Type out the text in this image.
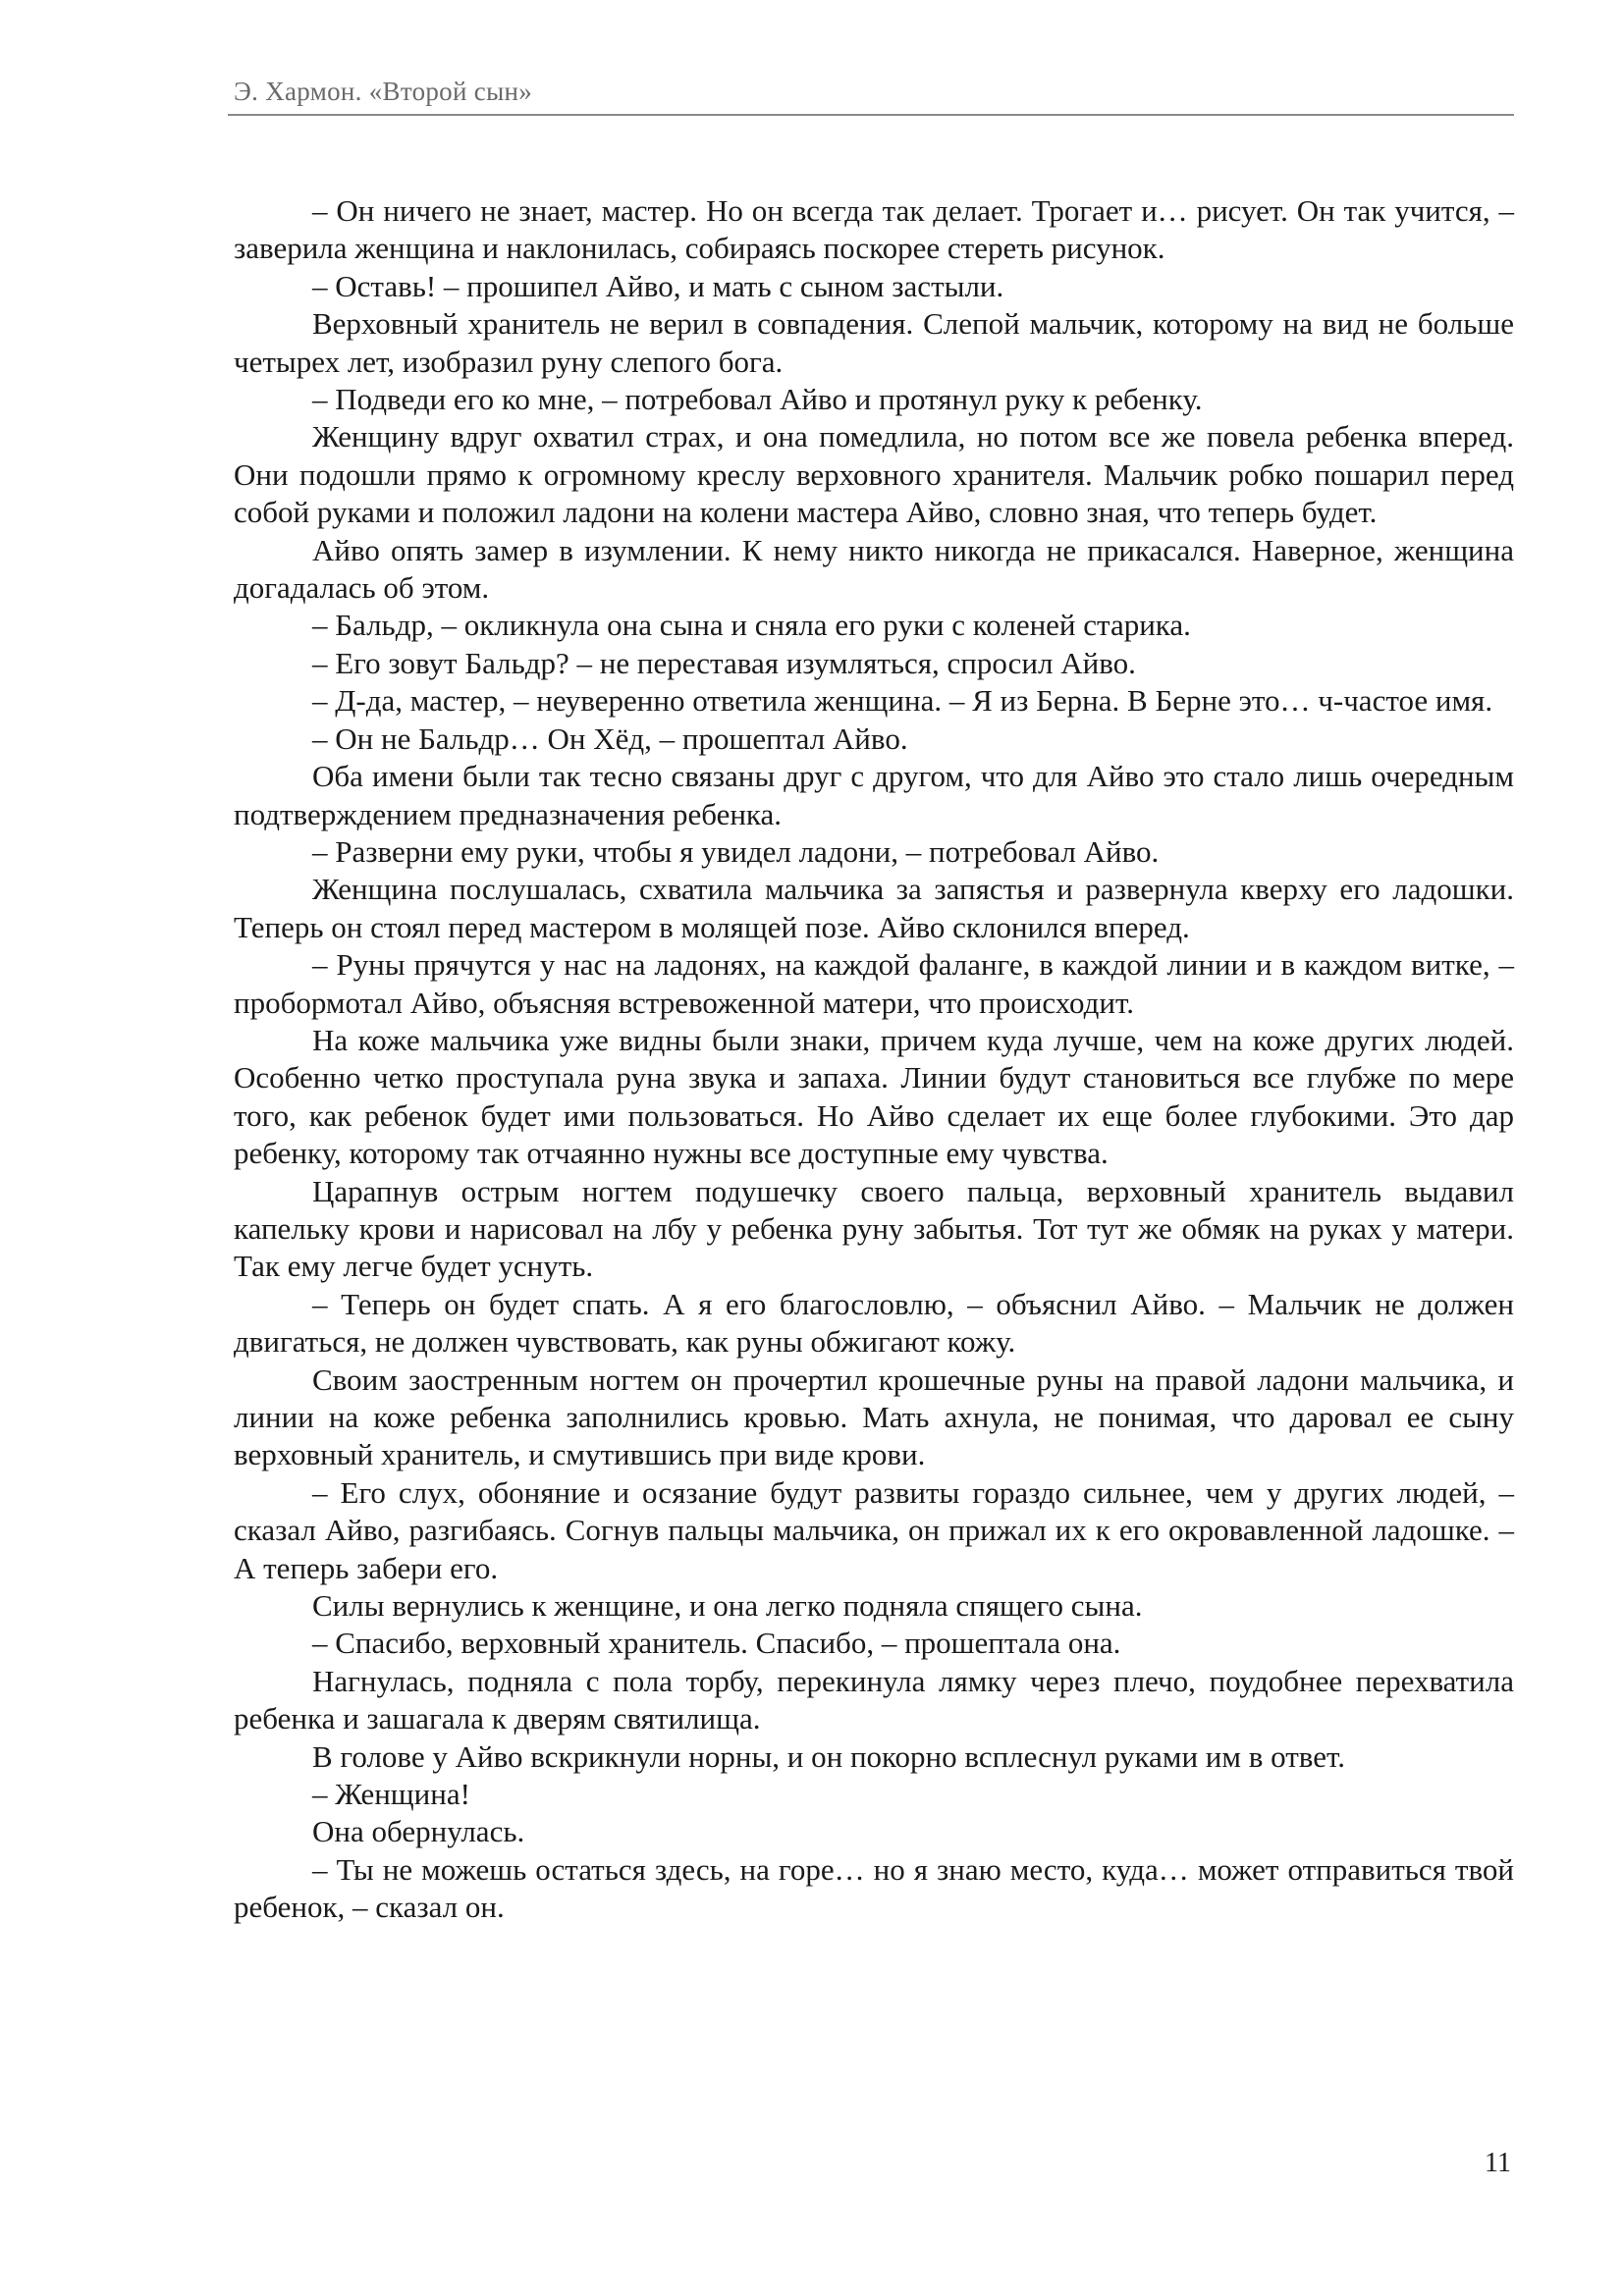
Э. Хармон. «Второй сын»

– Он ничего не знает, мастер. Но он всегда так делает. Трогает и… рисует. Он так учится, – заверила женщина и наклонилась, собираясь поскорее стереть рисунок.

– Оставь! – прошипел Айво, и мать с сыном застыли.

Верховный хранитель не верил в совпадения. Слепой мальчик, которому на вид не больше четырех лет, изобразил руну слепого бога.

– Подведи его ко мне, – потребовал Айво и протянул руку к ребенку.

Женщину вдруг охватил страх, и она помедлила, но потом все же повела ребенка вперед. Они подошли прямо к огромному креслу верховного хранителя. Мальчик робко пошарил перед собой руками и положил ладони на колени мастера Айво, словно зная, что теперь будет.

Айво опять замер в изумлении. К нему никто никогда не прикасался. Наверное, женщина догадалась об этом.

– Бальдр, – окликнула она сына и сняла его руки с коленей старика.

– Его зовут Бальдр? – не переставая изумляться, спросил Айво.

– Д-да, мастер, – неуверенно ответила женщина. – Я из Берна. В Берне это… ч-частое имя.

– Он не Бальдр… Он Хёд, – прошептал Айво.

Оба имени были так тесно связаны друг с другом, что для Айво это стало лишь очередным подтверждением предназначения ребенка.

– Разверни ему руки, чтобы я увидел ладони, – потребовал Айво.

Женщина послушалась, схватила мальчика за запястья и развернула кверху его ладошки. Теперь он стоял перед мастером в молящей позе. Айво склонился вперед.

– Руны прячутся у нас на ладонях, на каждой фаланге, в каждой линии и в каждом витке, – пробормотал Айво, объясняя встревоженной матери, что происходит.

На коже мальчика уже видны были знаки, причем куда лучше, чем на коже других людей. Особенно четко проступала руна звука и запаха. Линии будут становиться все глубже по мере того, как ребенок будет ими пользоваться. Но Айво сделает их еще более глубокими. Это дар ребенку, которому так отчаянно нужны все доступные ему чувства.

Царапнув острым ногтем подушечку своего пальца, верховный хранитель выдавил капельку крови и нарисовал на лбу у ребенка руну забытья. Тот тут же обмяк на руках у матери. Так ему легче будет уснуть.

– Теперь он будет спать. А я его благословлю, – объяснил Айво. – Мальчик не должен двигаться, не должен чувствовать, как руны обжигают кожу.

Своим заостренным ногтем он прочертил крошечные руны на правой ладони мальчика, и линии на коже ребенка заполнились кровью. Мать ахнула, не понимая, что даровал ее сыну верховный хранитель, и смутившись при виде крови.

– Его слух, обоняние и осязание будут развиты гораздо сильнее, чем у других людей, – сказал Айво, разгибаясь. Согнув пальцы мальчика, он прижал их к его окровавленной ладошке. – А теперь забери его.

Силы вернулись к женщине, и она легко подняла спящего сына.

– Спасибо, верховный хранитель. Спасибо, – прошептала она.

Нагнулась, подняла с пола торбу, перекинула лямку через плечо, поудобнее перехватила ребенка и зашагала к дверям святилища.

В голове у Айво вскрикнули норны, и он покорно всплеснул руками им в ответ.

– Женщина!

Она обернулась.

– Ты не можешь остаться здесь, на горе… но я знаю место, куда… может отправиться твой ребенок, – сказал он.

11
